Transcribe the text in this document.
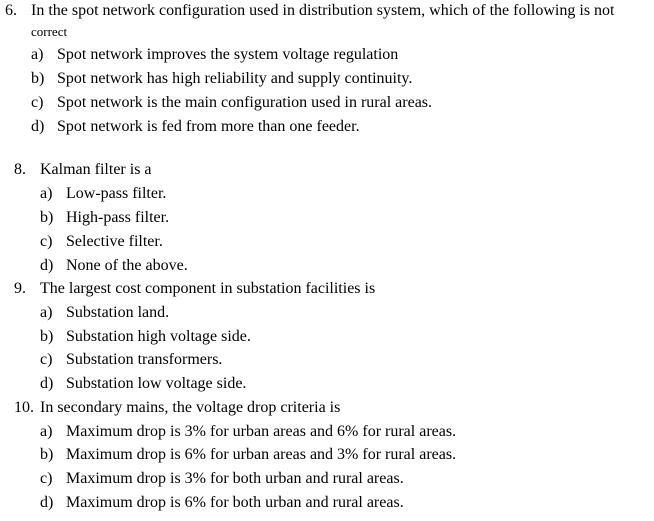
6. In the spot network configuration used in distribution system, which of the following is not
correct
a) Spot network improves the system voltage regulation
b) Spot network has high reliability and supply continuity.
c) Spot network is the main configuration used in rural areas.
d) Spot network is fed from more than one feeder.
8. Kalman filter is a
a) Low-pass filter.
b) High-pass filter.
c) Selective filter.
d) None of the above.
9. The largest cost component in substation facilities is
a) Substation land.
b) Substation high voltage side.
c) Substation transformers.
d) Substation low voltage side.
10. In secondary mains, the voltage drop criteria is
a) Maximum drop is 3% for urban areas and 6% for rural areas.
b) Maximum drop is 6% for urban areas and 3% for rural areas.
c) Maximum drop is 3% for both urban and rural areas.
d) Maximum drop is 6% for both urban and rural areas.
